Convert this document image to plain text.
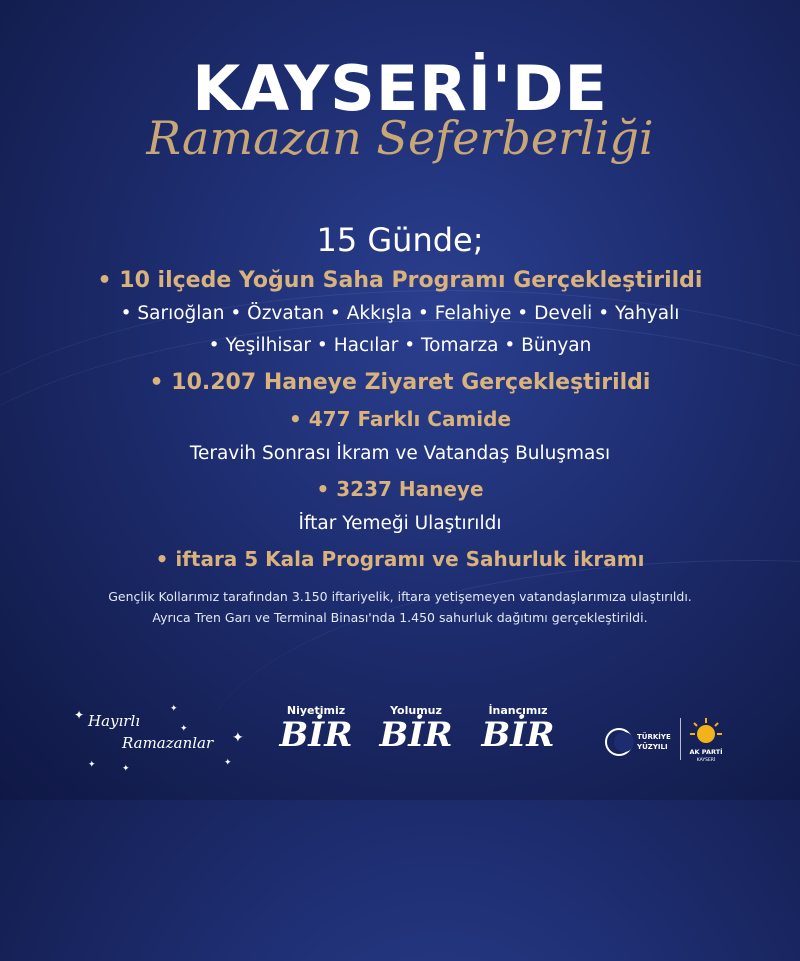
KAYSERİ'DE
Ramazan Seferberliği

15 Günde;

• 10 ilçede Yoğun Saha Programı Gerçekleştirildi

• Sarıoğlan • Özvatan • Akkışla • Felahiye • Develi • Yahyalı

• Yeşilhisar • Hacılar • Tomarza • Bünyan

• 10.207 Haneye Ziyaret Gerçekleştirildi

• 477 Farklı Camide

Teravih Sonrası İkram ve Vatandaş Buluşması

• 3237 Haneye

İftar Yemeği Ulaştırıldı

• iftara 5 Kala Programı ve Sahurluk ikramı

Gençlik Kollarımız tarafından 3.150 iftariyelik, iftara yetişemeyen vatandaşlarımıza ulaştırıldı.

Ayrıca Tren Garı ve Terminal Binası'nda 1.450 sahurluk dağıtımı gerçekleştirildi.

Hayırlı
Ramazanlar
✦	✦
✦
✦
✦	✦
✦
Niyetimiz
BİR
Yolumuz
BİR
İnancımız
BİR	TÜRKİYE
YÜZYILI
AK PARTİ
KAYSERİ
